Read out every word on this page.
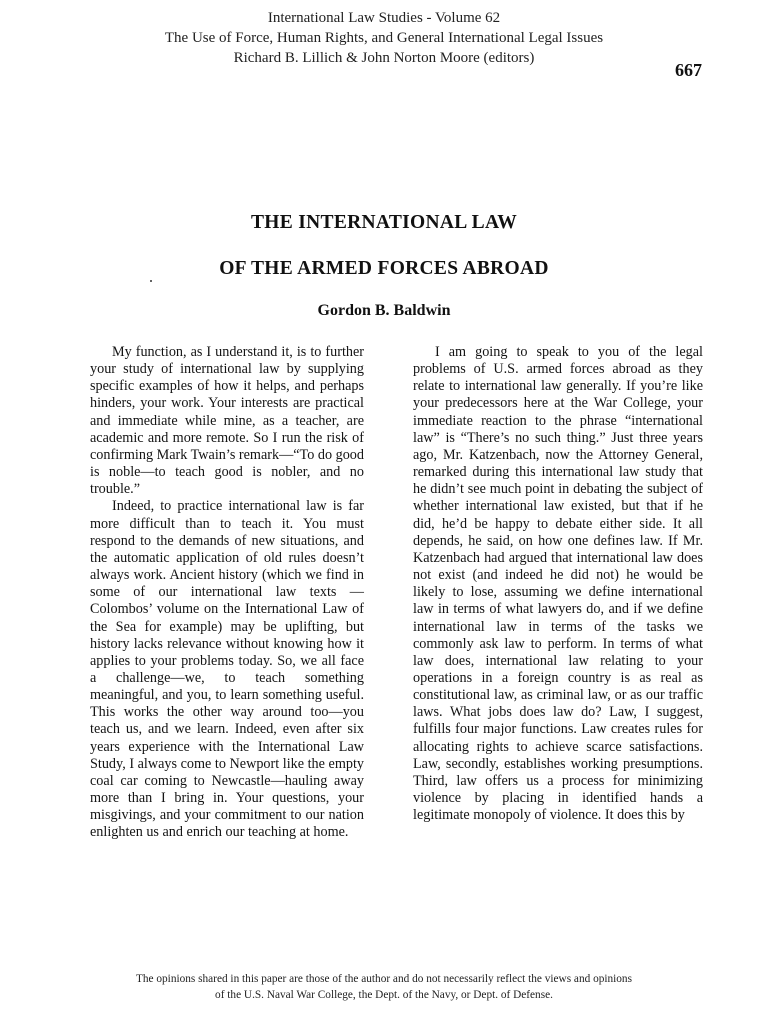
International Law Studies - Volume 62
The Use of Force, Human Rights, and General International Legal Issues
Richard B. Lillich & John Norton Moore (editors)
667
THE INTERNATIONAL LAW
OF THE ARMED FORCES ABROAD
Gordon B. Baldwin

My function, as I understand it, is to further your study of international law by supplying specific examples of how it helps, and perhaps hinders, your work. Your interests are practical and immediate while mine, as a teacher, are academic and more remote. So I run the risk of confirming Mark Twain’s remark—“To do good is noble—to teach good is nobler, and no trouble.”

Indeed, to practice international law is far more difficult than to teach it. You must respond to the demands of new situations, and the automatic application of old rules doesn’t always work. Ancient history (which we find in some of our international law texts —Colombos’ volume on the International Law of the Sea for example) may be uplifting, but history lacks relevance without knowing how it applies to your problems today. So, we all face a challenge—we, to teach something meaningful, and you, to learn something useful. This works the other way around too—you teach us, and we learn. Indeed, even after six years experience with the International Law Study, I always come to Newport like the empty coal car coming to Newcastle—hauling away more than I bring in. Your questions, your misgivings, and your commitment to our nation enlighten us and enrich our teaching at home.

I am going to speak to you of the legal problems of U.S. armed forces abroad as they relate to international law generally. If you’re like your predecessors here at the War College, your immediate reaction to the phrase “international law” is “There’s no such thing.” Just three years ago, Mr. Katzenbach, now the Attorney General, remarked during this international law study that he didn’t see much point in debating the subject of whether international law existed, but that if he did, he’d be happy to debate either side. It all depends, he said, on how one defines law. If Mr. Katzenbach had argued that international law does not exist (and indeed he did not) he would be likely to lose, assuming we define international law in terms of what lawyers do, and if we define international law in terms of the tasks we commonly ask law to perform. In terms of what law does, international law relating to your operations in a foreign country is as real as constitutional law, as criminal law, or as our traffic laws. What jobs does law do? Law, I suggest, fulfills four major functions. Law creates rules for allocating rights to achieve scarce satisfactions. Law, secondly, establishes working presumptions. Third, law offers us a process for minimizing violence by placing in identified hands a legitimate monopoly of violence. It does this by

The opinions shared in this paper are those of the author and do not necessarily reflect the views and opinions
of the U.S. Naval War College, the Dept. of the Navy, or Dept. of Defense.
